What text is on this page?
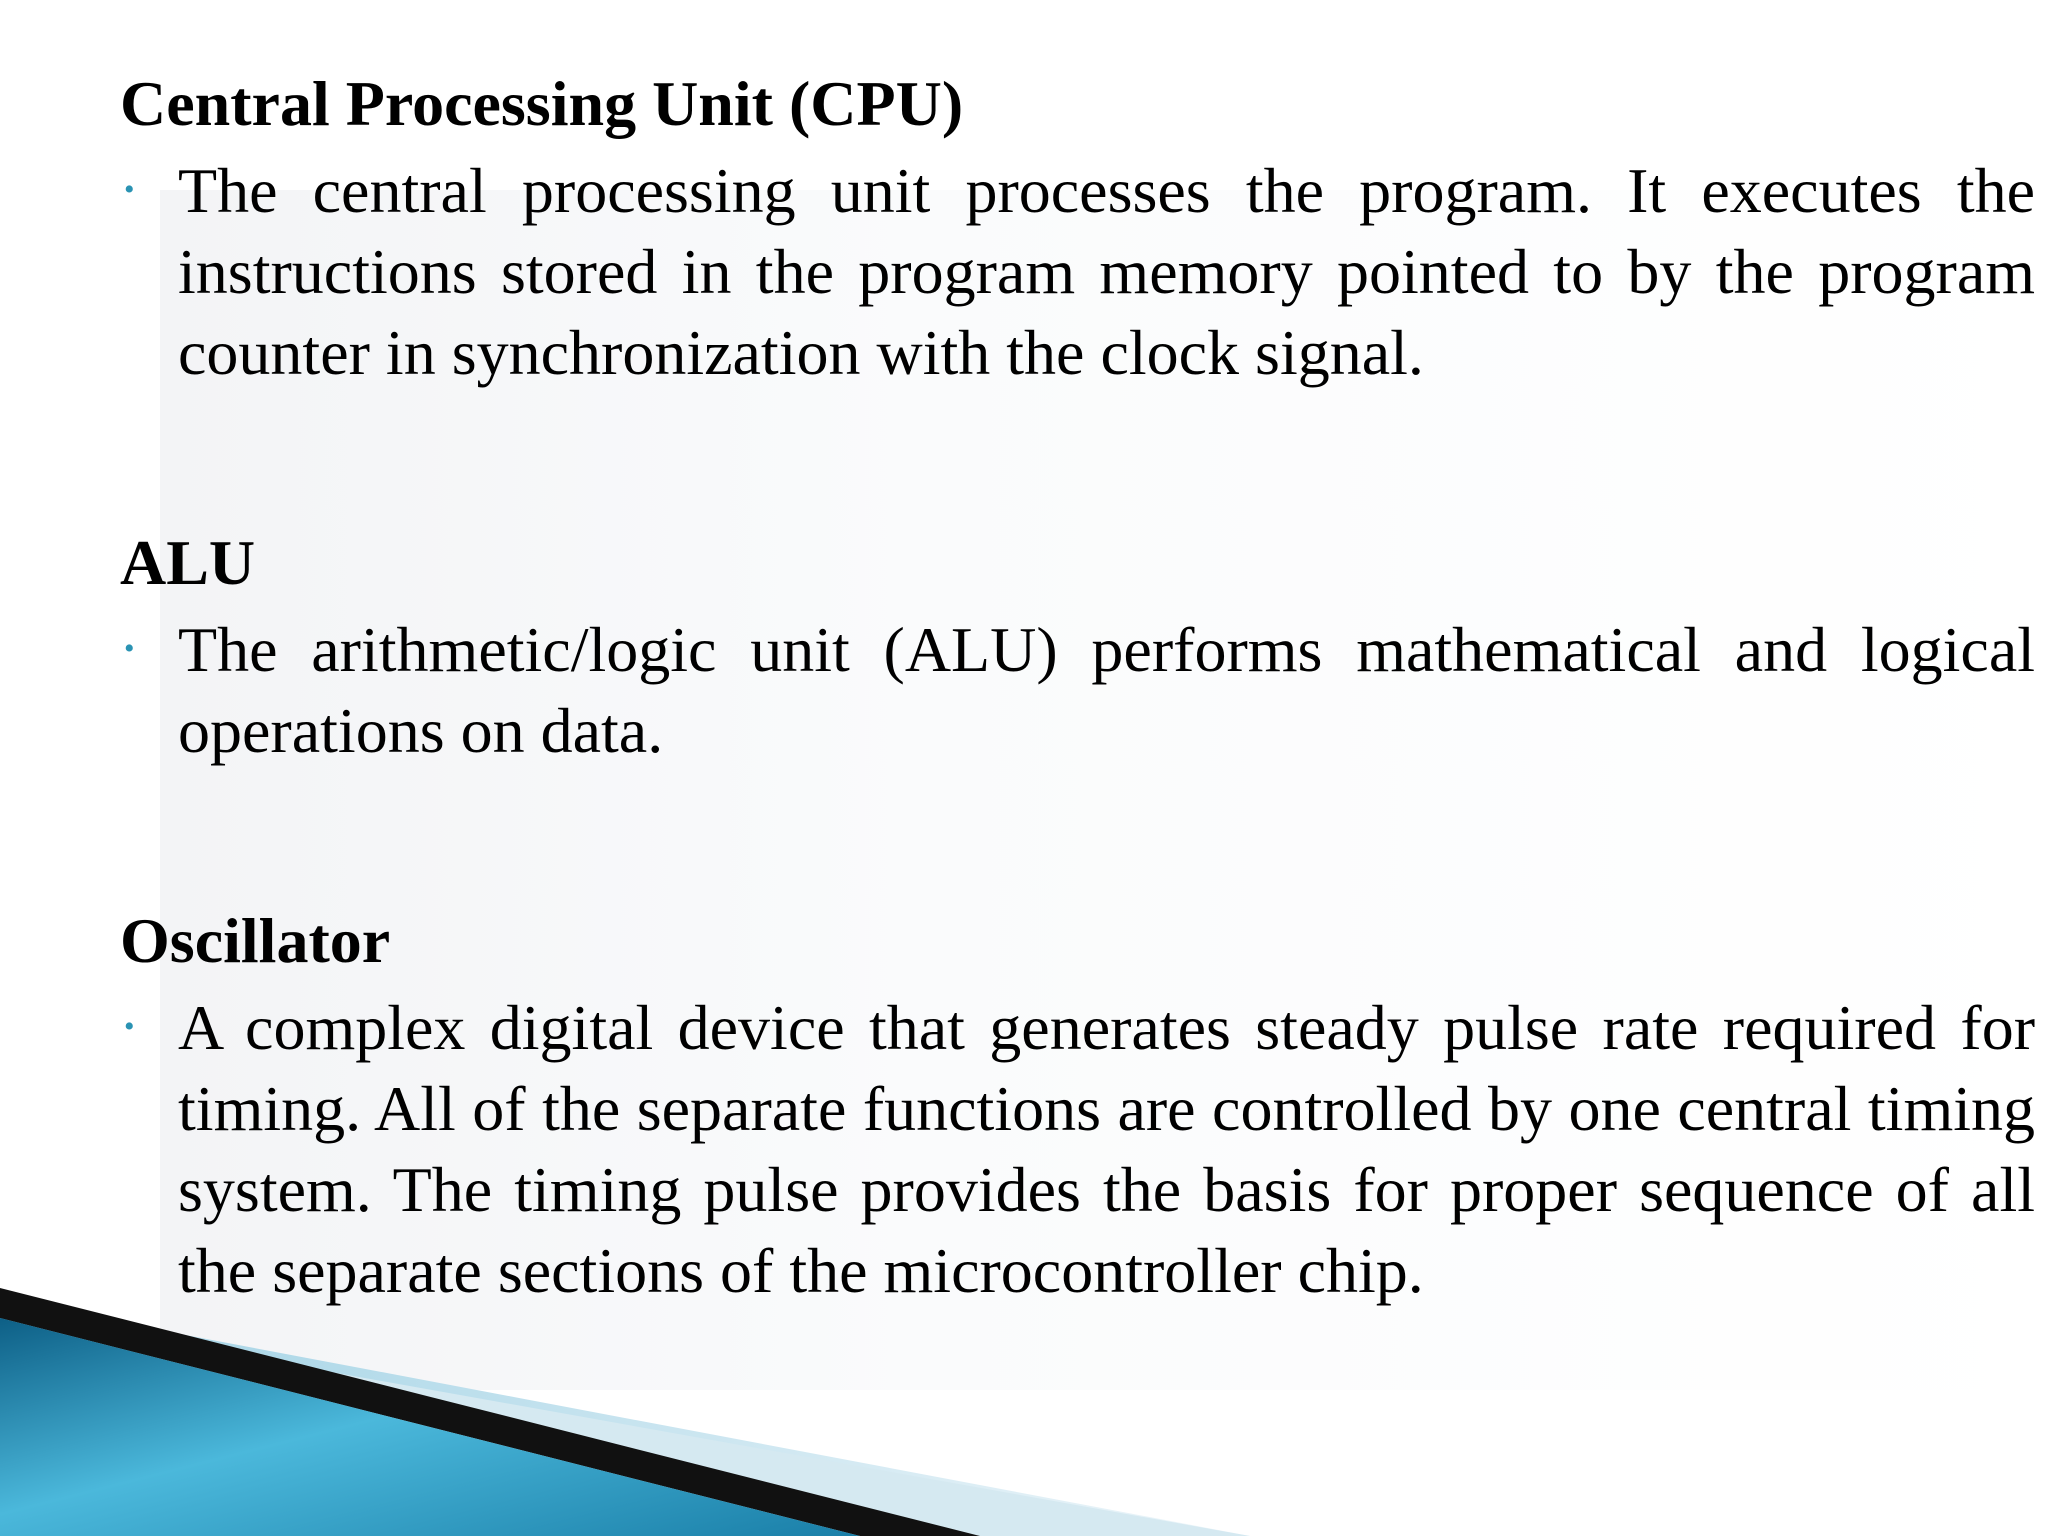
Central Processing Unit (CPU)
• The central processing unit processes the program. It executes the instructions stored in the program memory pointed to by the program counter in synchronization with the clock signal.

ALU
• The arithmetic/logic unit (ALU) performs mathematical and logical operations on data.

Oscillator
• A complex digital device that generates steady pulse rate required for timing. All of the separate functions are controlled by one central timing system. The timing pulse provides the basis for proper sequence of all the separate sections of the microcontroller chip.
